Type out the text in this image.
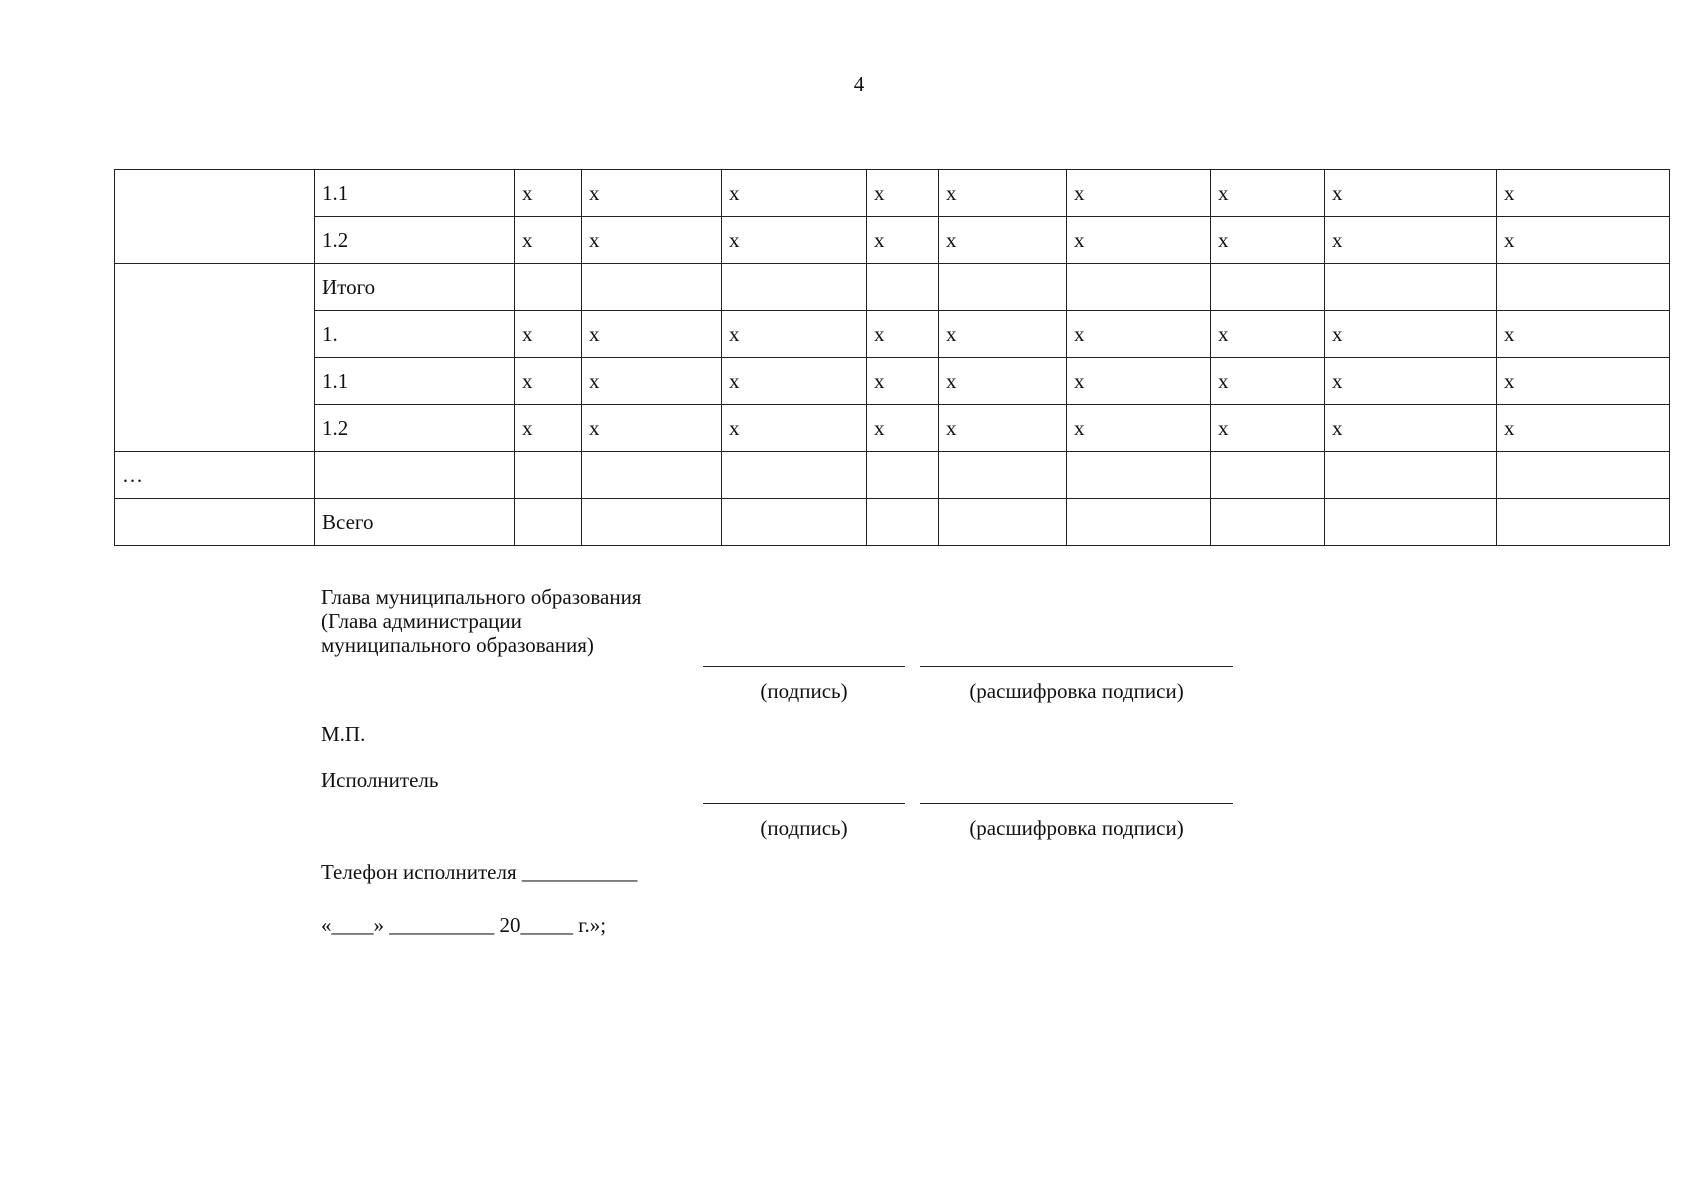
4
	1.1	x	x	x	x	x	x	x	x	x
	1.2	x	x	x	x	x	x	x	x	x
	Итого									
	1.	x	x	x	x	x	x	x	x	x
	1.1	x	x	x	x	x	x	x	x	x
	1.2	x	x	x	x	x	x	x	x	x
…										
	Всего									
Глава муниципального образования
(Глава администрации
муниципального образования)
(подпись)	(расшифровка подписи)
М.П.
Исполнитель
(подпись)	(расшифровка подписи)
Телефон исполнителя ___________
«____» __________ 20_____ г.»;
